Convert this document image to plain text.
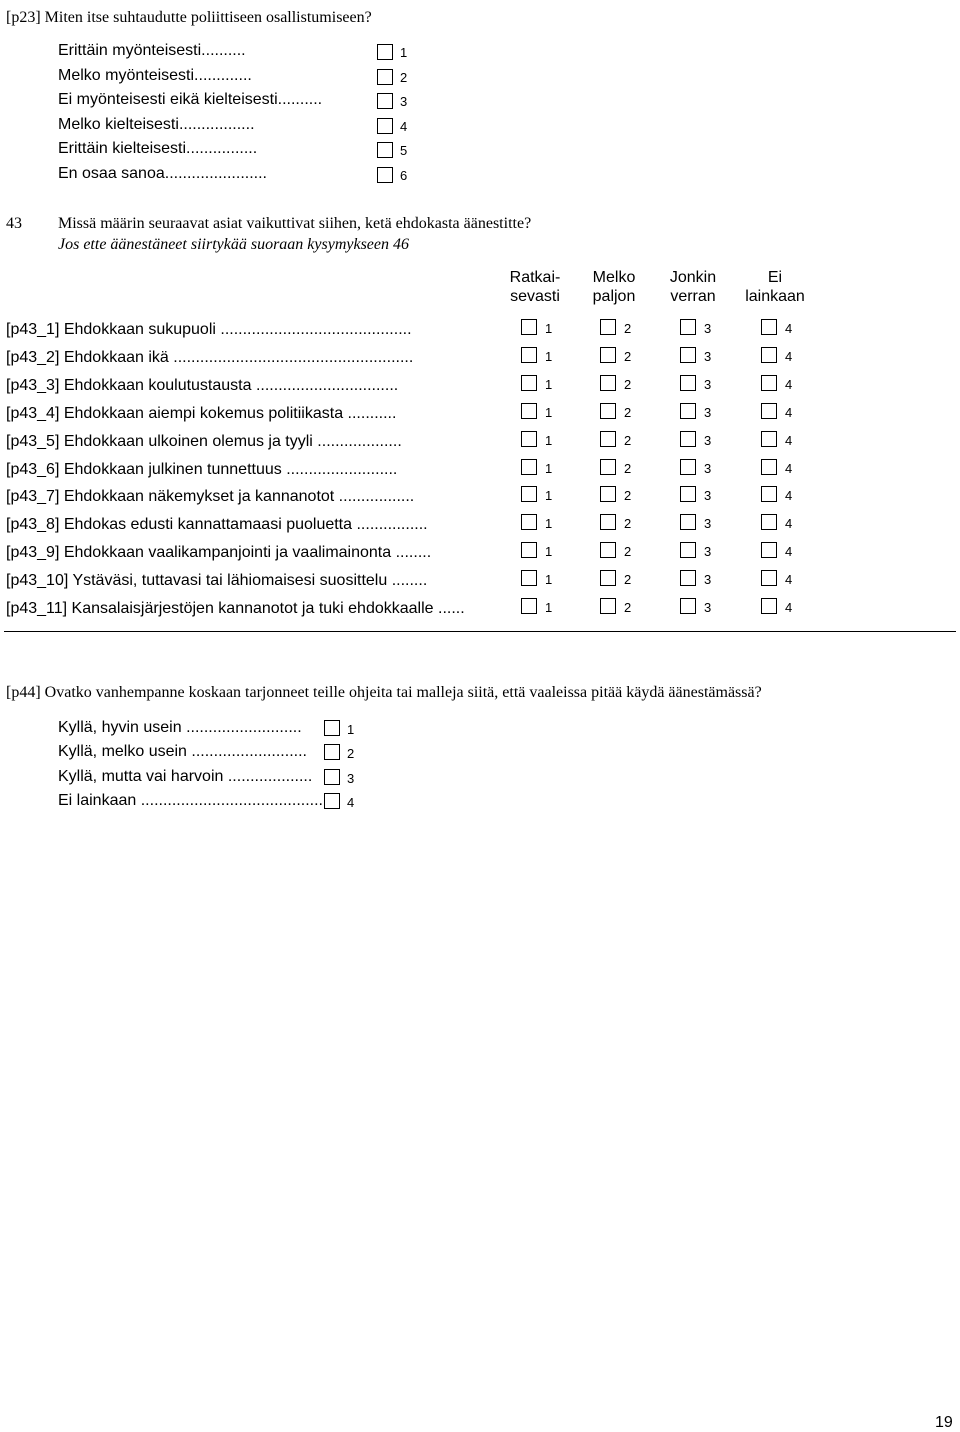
[p23] Miten itse suhtaudutte poliittiseen osallistumiseen?
Erittäin myönteisesti..........	1
Melko myönteisesti.............	2
Ei myönteisesti eikä kielteisesti..........	3
Melko kielteisesti.................	4
Erittäin kielteisesti................	5
En osaa sanoa.......................	6
43 Missä määrin seuraavat asiat vaikuttivat siihen, ketä ehdokasta äänestitte?
Jos ette äänestäneet siirtykää suoraan kysymykseen 46
Ratkai-
sevasti
Melko
paljon
Jonkin
verran
Ei
lainkaan
[p43_1] Ehdokkaan sukupuoli ...........................................	1	2	3	4
[p43_2] Ehdokkaan ikä ......................................................	1	2	3	4
[p43_3] Ehdokkaan koulutustausta ................................	1	2	3	4
[p43_4] Ehdokkaan aiempi kokemus politiikasta ...........	1	2	3	4
[p43_5] Ehdokkaan ulkoinen olemus ja tyyli ...................	1	2	3	4
[p43_6] Ehdokkaan julkinen tunnettuus .........................	1	2	3	4
[p43_7] Ehdokkaan näkemykset ja kannanotot .................	1	2	3	4
[p43_8] Ehdokas edusti kannattamaasi puoluetta ................	1	2	3	4
[p43_9] Ehdokkaan vaalikampanjointi ja vaalimainonta ........	1	2	3	4
[p43_10] Ystäväsi, tuttavasi tai lähiomaisesi suosittelu ........	1	2	3	4
[p43_11] Kansalaisjärjestöjen kannanotot ja tuki ehdokkaalle ......	1	2	3	4
[p44] Ovatko vanhempanne koskaan tarjonneet teille ohjeita tai malleja siitä, että vaaleissa pitää käydä äänestämässä?
Kyllä, hyvin usein ..........................	1
Kyllä, melko usein ..........................	2
Kyllä, mutta vai harvoin ...................	3
Ei lainkaan ......................................... 4
19
